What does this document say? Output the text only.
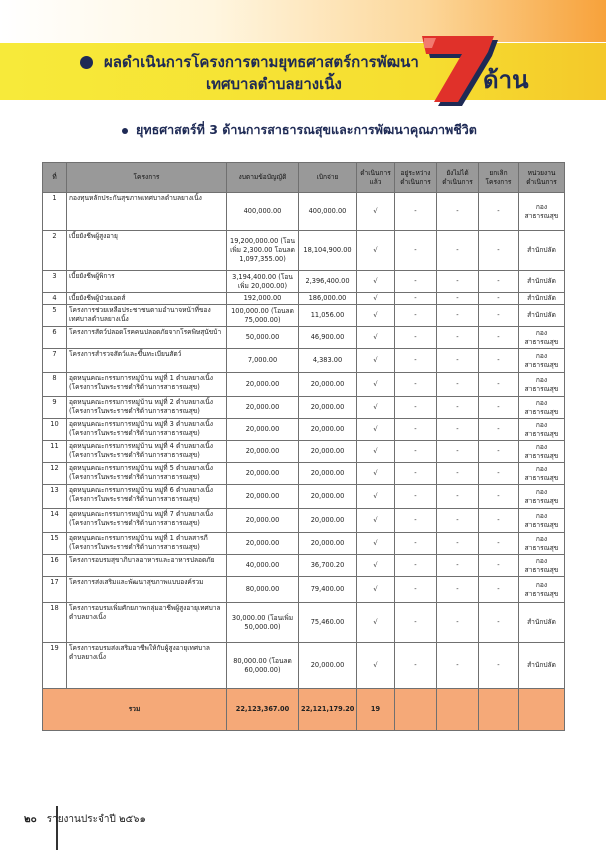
ผลดำเนินการโครงการตามยุทธศาสตร์การพัฒนา
เทศบาลตำบลยางเนิ้ง	ด้าน
ยุทธศาสตร์ที่ 3 ด้านการสาธารณสุขและการพัฒนาคุณภาพชีวิต
ที่	โครงการ	งบตามข้อบัญญัติ	เบิกจ่าย	ดำเนินการแล้ว	อยู่ระหว่างดำเนินการ	ยังไม่ได้ดำเนินการ	ยกเลิกโครงการ	หน่วยงานดำเนินการ
1	กองทุนหลักประกันสุขภาพเทศบาลตำบลยางเนิ้ง	400,000.00	400,000.00	√	-	-	-	กอง สาธารณสุข
2	เบี้ยยังชีพผู้สูงอายุ	19,200,000.00 (โอนเพิ่ม 2,300.00 โอนลด 1,097,355.00)	18,104,900.00	√	-	-	-	สำนักปลัด
3	เบี้ยยังชีพผู้พิการ	3,194,400.00 (โอนเพิ่ม 20,000.00)	2,396,400.00	√	-	-	-	สำนักปลัด
4	เบี้ยยังชีพผู้ป่วยเอดส์	192,000.00	186,000.00	√	-	-	-	สำนักปลัด
5	โครงการช่วยเหลือประชาชนตามอำนาจหน้าที่ของเทศบาลตำบลยางเนิ้ง	100,000.00 (โอนลด 75,000.00)	11,056.00	√	-	-	-	สำนักปลัด
6	โครงการสัตว์ปลอดโรคคนปลอดภัยจากโรคพิษสุนัขบ้า	50,000.00	46,900.00	√	-	-	-	กอง สาธารณสุข
7	โครงการสำรวจสัตว์และขึ้นทะเบียนสัตว์	7,000.00	4,383.00	√	-	-	-	กอง สาธารณสุข
8	อุดหนุนคณะกรรมการหมู่บ้าน หมู่ที่ 1 ตำบลยางเนิ้ง (โครงการในพระราชดำริด้านการสาธารณสุข)	20,000.00	20,000.00	√	-	-	-	กอง สาธารณสุข
9	อุดหนุนคณะกรรมการหมู่บ้าน หมู่ที่ 2 ตำบลยางเนิ้ง (โครงการในพระราชดำริด้านการสาธารณสุข)	20,000.00	20,000.00	√	-	-	-	กอง สาธารณสุข
10	อุดหนุนคณะกรรมการหมู่บ้าน หมู่ที่ 3 ตำบลยางเนิ้ง (โครงการในพระราชดำริด้านการสาธารณสุข)	20,000.00	20,000.00	√	-	-	-	กอง สาธารณสุข
11	อุดหนุนคณะกรรมการหมู่บ้าน หมู่ที่ 4 ตำบลยางเนิ้ง (โครงการในพระราชดำริด้านการสาธารณสุข)	20,000.00	20,000.00	√	-	-	-	กอง สาธารณสุข
12	อุดหนุนคณะกรรมการหมู่บ้าน หมู่ที่ 5 ตำบลยางเนิ้ง (โครงการในพระราชดำริด้านการสาธารณสุข)	20,000.00	20,000.00	√	-	-	-	กอง สาธารณสุข
13	อุดหนุนคณะกรรมการหมู่บ้าน หมู่ที่ 6 ตำบลยางเนิ้ง (โครงการในพระราชดำริด้านการสาธารณสุข)	20,000.00	20,000.00	√	-	-	-	กอง สาธารณสุข
14	อุดหนุนคณะกรรมการหมู่บ้าน หมู่ที่ 7 ตำบลยางเนิ้ง (โครงการในพระราชดำริด้านการสาธารณสุข)	20,000.00	20,000.00	√	-	-	-	กอง สาธารณสุข
15	อุดหนุนคณะกรรมการหมู่บ้าน หมู่ที่ 1 ตำบลสารภี (โครงการในพระราชดำริด้านการสาธารณสุข)	20,000.00	20,000.00	√	-	-	-	กอง สาธารณสุข
16	โครงการอบรมสุขาภิบาลอาหารและอาหารปลอดภัย	40,000.00	36,700.20	√	-	-	-	กอง สาธารณสุข
17	โครงการส่งเสริมและพัฒนาสุขภาพแบบองค์รวม	80,000.00	79,400.00	√	-	-	-	กอง สาธารณสุข
18	โครงการอบรมเพิ่มศักยภาพกลุ่มอาชีพผู้สูงอายุเทศบาลตำบลยางเนิ้ง	30,000.00 (โอนเพิ่ม 50,000.00)	75,460.00	√	-	-	-	สำนักปลัด
19	โครงการอบรมส่งเสริมอาชีพให้กับผู้สูงอายุเทศบาลตำบลยางเนิ้ง	80,000.00 (โอนลด 60,000.00)	20,000.00	√	-	-	-	สำนักปลัด
รวม		22,123,367.00	22,121,179.20	19				
๒๐ รายงานประจำปี ๒๕๖๑
